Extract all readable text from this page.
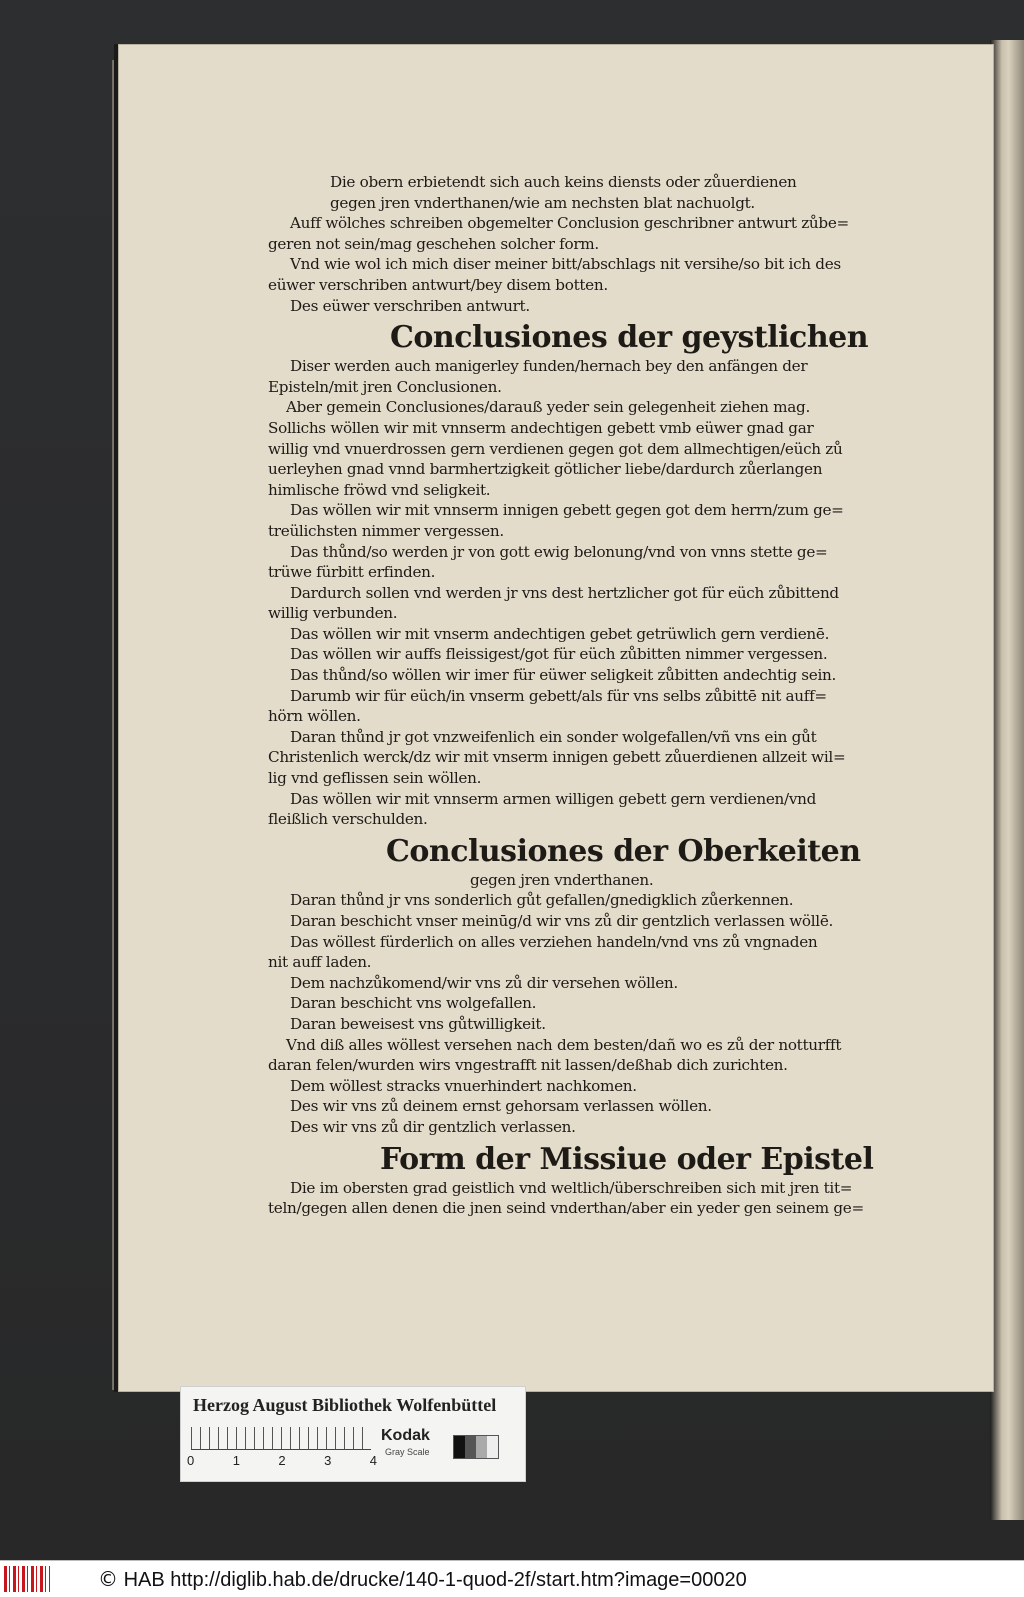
Die obern erbietendt sich auch keins diensts oder zůuerdienen
gegen jren vnderthanen/wie am nechsten blat nachuolgt.
Auff wölches schreiben obgemelter Conclusion geschribner antwurt zůbe=
geren not sein/mag geschehen solcher form.
Vnd wie wol ich mich diser meiner bitt/abschlags nit versihe/so bit ich des
eüwer verschriben antwurt/bey disem botten.
Des eüwer verschriben antwurt.
Conclusiones der geystlichen
Diser werden auch manigerley funden/hernach bey den anfängen der
Episteln/mit jren Conclusionen.
Aber gemein Conclusiones/darauß yeder sein gelegenheit ziehen mag.
Sollichs wöllen wir mit vnnserm andechtigen gebett vmb eüwer gnad gar
willig vnd vnuerdrossen gern verdienen gegen got dem allmechtigen/eüch zů
uerleyhen gnad vnnd barmhertzigkeit götlicher liebe/dardurch zůerlangen
himlische fröwd vnd seligkeit.
Das wöllen wir mit vnnserm innigen gebett gegen got dem herrn/zum ge=
treülichsten nimmer vergessen.
Das thůnd/so werden jr von gott ewig belonung/vnd von vnns stette ge=
trüwe fürbitt erfinden.
Dardurch sollen vnd werden jr vns dest hertzlicher got für eüch zůbittend
willig verbunden.
Das wöllen wir mit vnserm andechtigen gebet getrüwlich gern verdienē.
Das wöllen wir auffs fleissigest/got für eüch zůbitten nimmer vergessen.
Das thůnd/so wöllen wir imer für eüwer seligkeit zůbitten andechtig sein.
Darumb wir für eüch/in vnserm gebett/als für vns selbs zůbittē nit auff=
hörn wöllen.
Daran thůnd jr got vnzweifenlich ein sonder wolgefallen/vñ vns ein gůt
Christenlich werck/dz wir mit vnserm innigen gebett zůuerdienen allzeit wil=
lig vnd geflissen sein wöllen.
Das wöllen wir mit vnnserm armen willigen gebett gern verdienen/vnd
fleißlich verschulden.
Conclusiones der Oberkeiten
gegen jren vnderthanen.
Daran thůnd jr vns sonderlich gůt gefallen/gnedigklich zůerkennen.
Daran beschicht vnser meinūg/d wir vns zů dir gentzlich verlassen wöllē.
Das wöllest fürderlich on alles verziehen handeln/vnd vns zů vngnaden
nit auff laden.
Dem nachzůkomend/wir vns zů dir versehen wöllen.
Daran beschicht vns wolgefallen.
Daran beweisest vns gůtwilligkeit.
Vnd diß alles wöllest versehen nach dem besten/dañ wo es zů der notturfft
daran felen/wurden wirs vngestrafft nit lassen/deßhab dich zurichten.
Dem wöllest stracks vnuerhindert nachkomen.
Des wir vns zů deinem ernst gehorsam verlassen wöllen.
Des wir vns zů dir gentzlich verlassen.
Form der Missiue oder Epistel
Die im obersten grad geistlich vnd weltlich/überschreiben sich mit jren tit=
teln/gegen allen denen die jnen seind vnderthan/aber ein yeder gen seinem ge=
Herzog August Bibliothek Wolfenbüttel
0	1	2	3	4
Kodak
Gray Scale
© HAB http://diglib.hab.de/drucke/140-1-quod-2f/start.htm?image=00020
